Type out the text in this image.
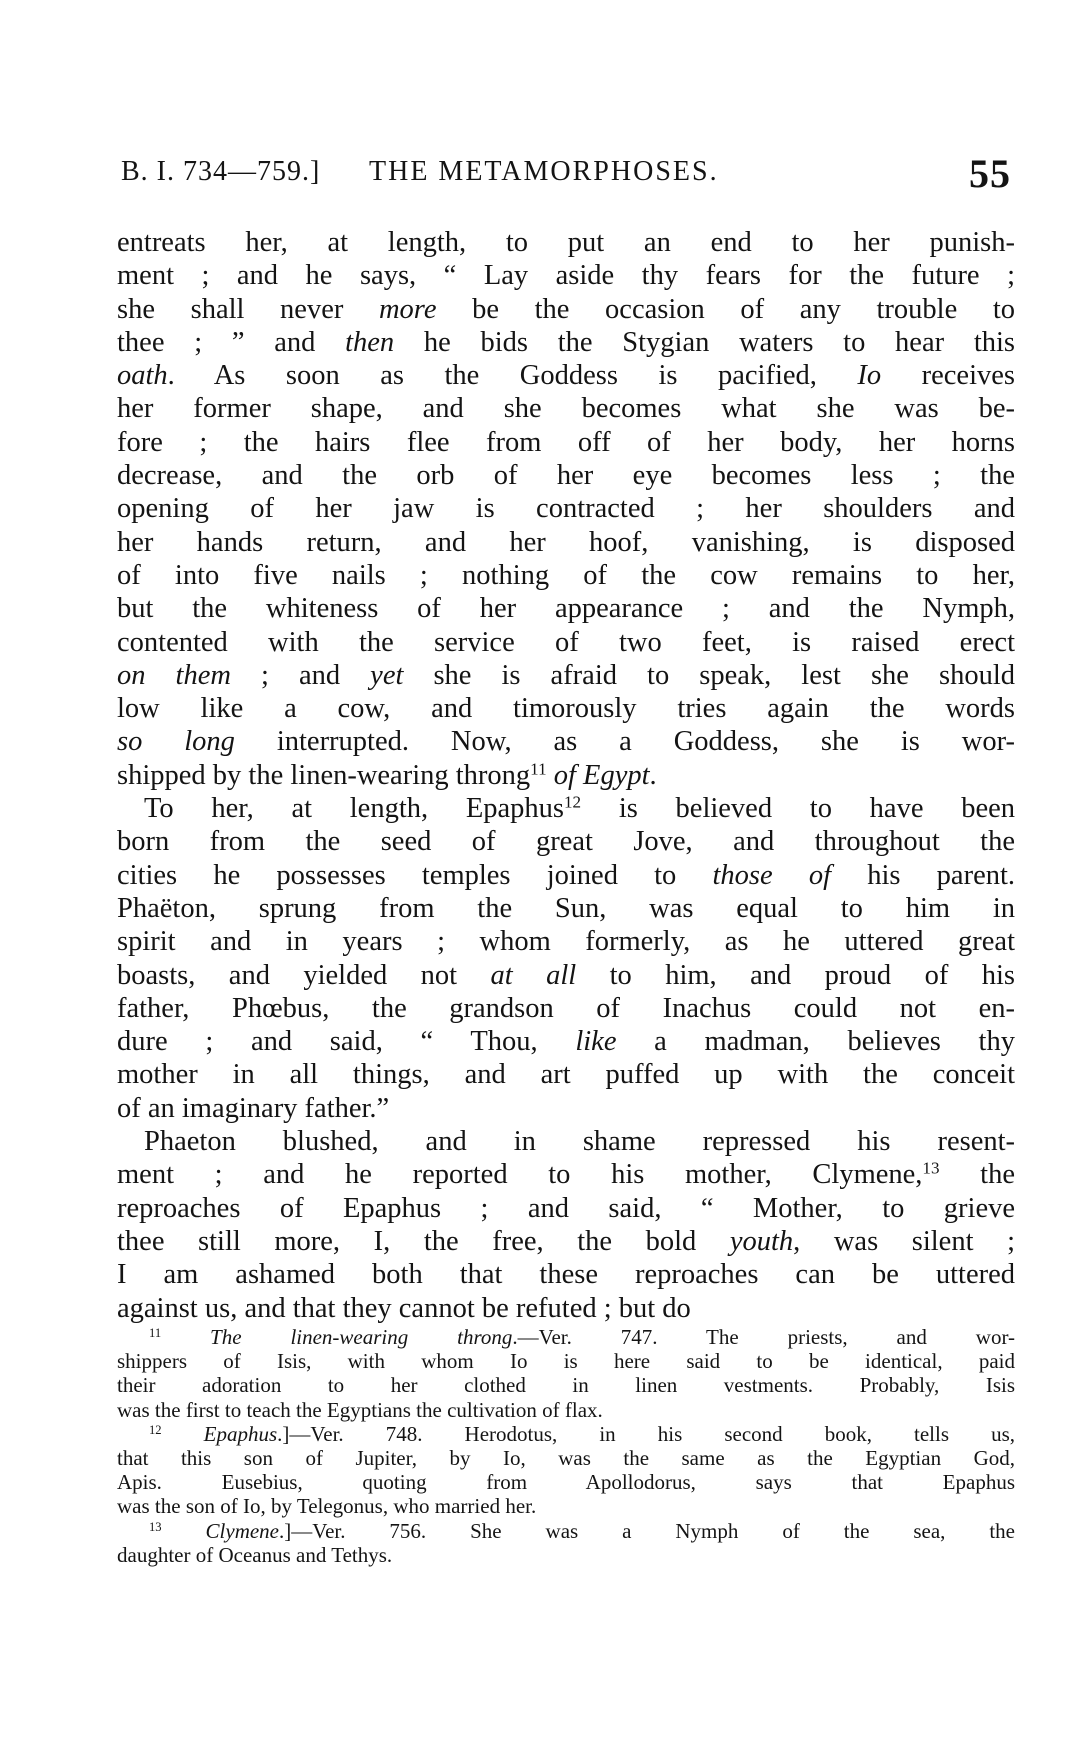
B. I. 734—759.] THE METAMORPHOSES.	55
entreats her, at length, to put an end to her punish-
ment ; and he says, “ Lay aside thy fears for the future ;
she shall never more be the occasion of any trouble to
thee ; ” and then he bids the Stygian waters to hear this
oath. As soon as the Goddess is pacified, Io receives
her former shape, and she becomes what she was be-
fore ; the hairs flee from off of her body, her horns
decrease, and the orb of her eye becomes less ; the
opening of her jaw is contracted ; her shoulders and
her hands return, and her hoof, vanishing, is disposed
of into five nails ; nothing of the cow remains to her,
but the whiteness of her appearance ; and the Nymph,
contented with the service of two feet, is raised erect
on them ; and yet she is afraid to speak, lest she should
low like a cow, and timorously tries again the words
so long interrupted. Now, as a Goddess, she is wor-
shipped by the linen-wearing throng$^{11}$ of Egypt.
To her, at length, Epaphus$^{12}$ is believed to have been
born from the seed of great Jove, and throughout the
cities he possesses temples joined to those of his parent.
Phaëton, sprung from the Sun, was equal to him in
spirit and in years ; whom formerly, as he uttered great
boasts, and yielded not at all to him, and proud of his
father, Phœbus, the grandson of Inachus could not en-
dure ; and said, “ Thou, like a madman, believes thy
mother in all things, and art puffed up with the conceit
of an imaginary father.”
Phaeton blushed, and in shame repressed his resent-
ment ; and he reported to his mother, Clymene,$^{13}$ the
reproaches of Epaphus ; and said, “ Mother, to grieve
thee still more, I, the free, the bold youth, was silent ;
I am ashamed both that these reproaches can be uttered
against us, and that they cannot be refuted ; but do
$^{11}$ The linen-wearing throng.—Ver. 747. The priests, and wor-
shippers of Isis, with whom Io is here said to be identical, paid
their adoration to her clothed in linen vestments. Probably, Isis
was the first to teach the Egyptians the cultivation of flax.
$^{12}$ Epaphus.]—Ver. 748. Herodotus, in his second book, tells us,
that this son of Jupiter, by Io, was the same as the Egyptian God,
Apis. Eusebius, quoting from Apollodorus, says that Epaphus
was the son of Io, by Telegonus, who married her.
$^{13}$ Clymene.]—Ver. 756. She was a Nymph of the sea, the
daughter of Oceanus and Tethys.
